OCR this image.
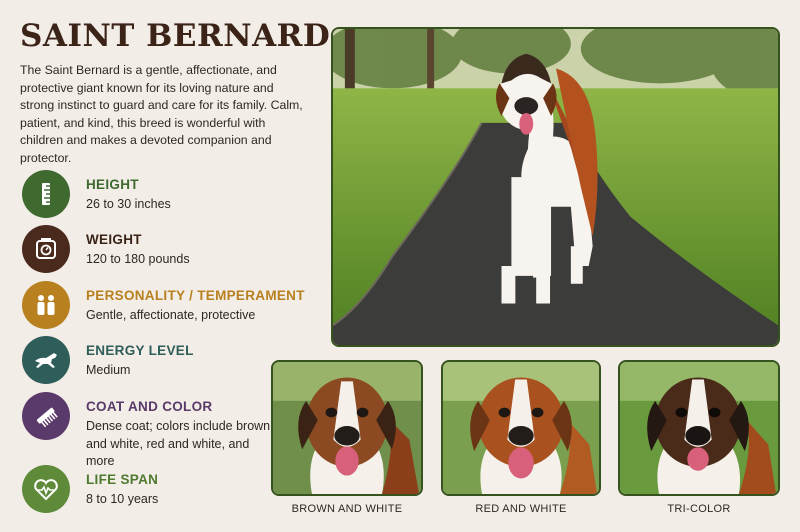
SAINT BERNARD

The Saint Bernard is a gentle, affectionate, and protective giant known for its loving nature and strong instinct to guard and care for its family. Calm, patient, and kind, this breed is wonderful with children and makes a devoted companion and protector.

HEIGHT
26 to 30 inches
WEIGHT
120 to 180 pounds
PERSONALITY / TEMPERAMENT
Gentle, affectionate, protective
ENERGY LEVEL
Medium
COAT AND COLOR
Dense coat; colors include brown and white, red and white, and more
LIFE SPAN
8 to 10 years
BROWN AND WHITE	RED AND WHITE	TRI-COLOR
